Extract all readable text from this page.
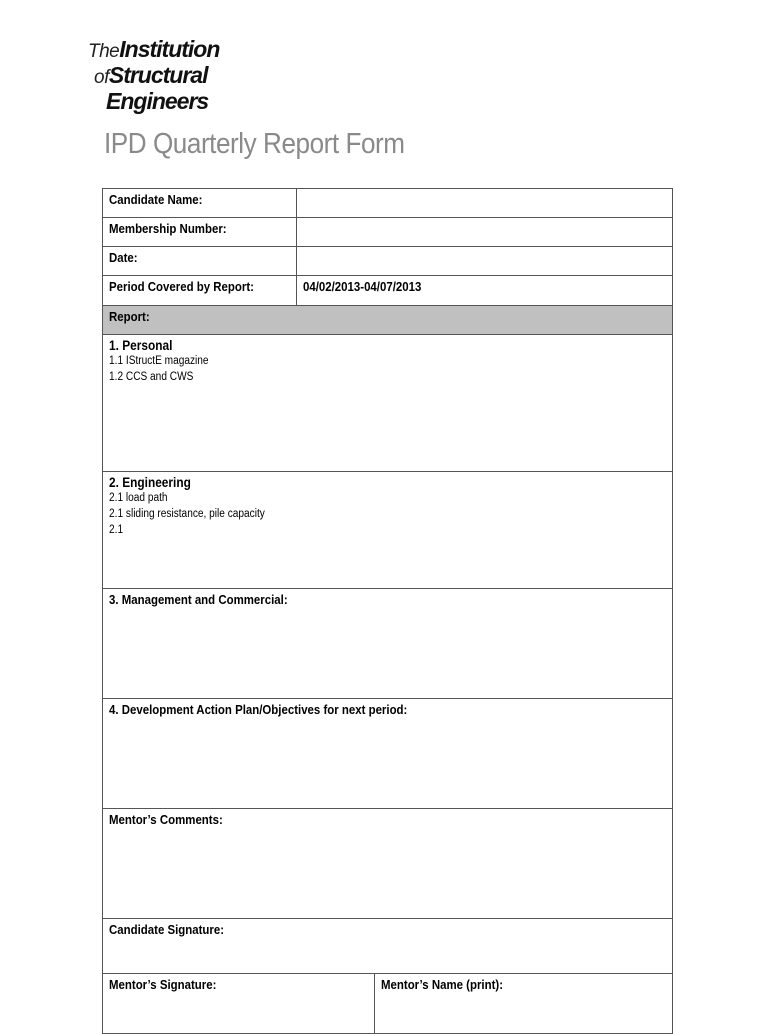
TheInstitution
ofStructural
Engineers
IPD Quarterly Report Form
Candidate Name:		
Membership Number:		
Date:		
Period Covered by Report:	04/02/2013-04/07/2013	
Report:		
1. Personal
1.1 IStructE magazine
1.2 CCS and CWS		

2. Engineering
2.1 load path
2.1 sliding resistance, pile capacity
2.1		

3. Management and Commercial:		
4. Development Action Plan/Objectives for next period:		
Mentor’s Comments:		
Candidate Signature:		
Mentor’s Signature:		Mentor’s Name (print):
